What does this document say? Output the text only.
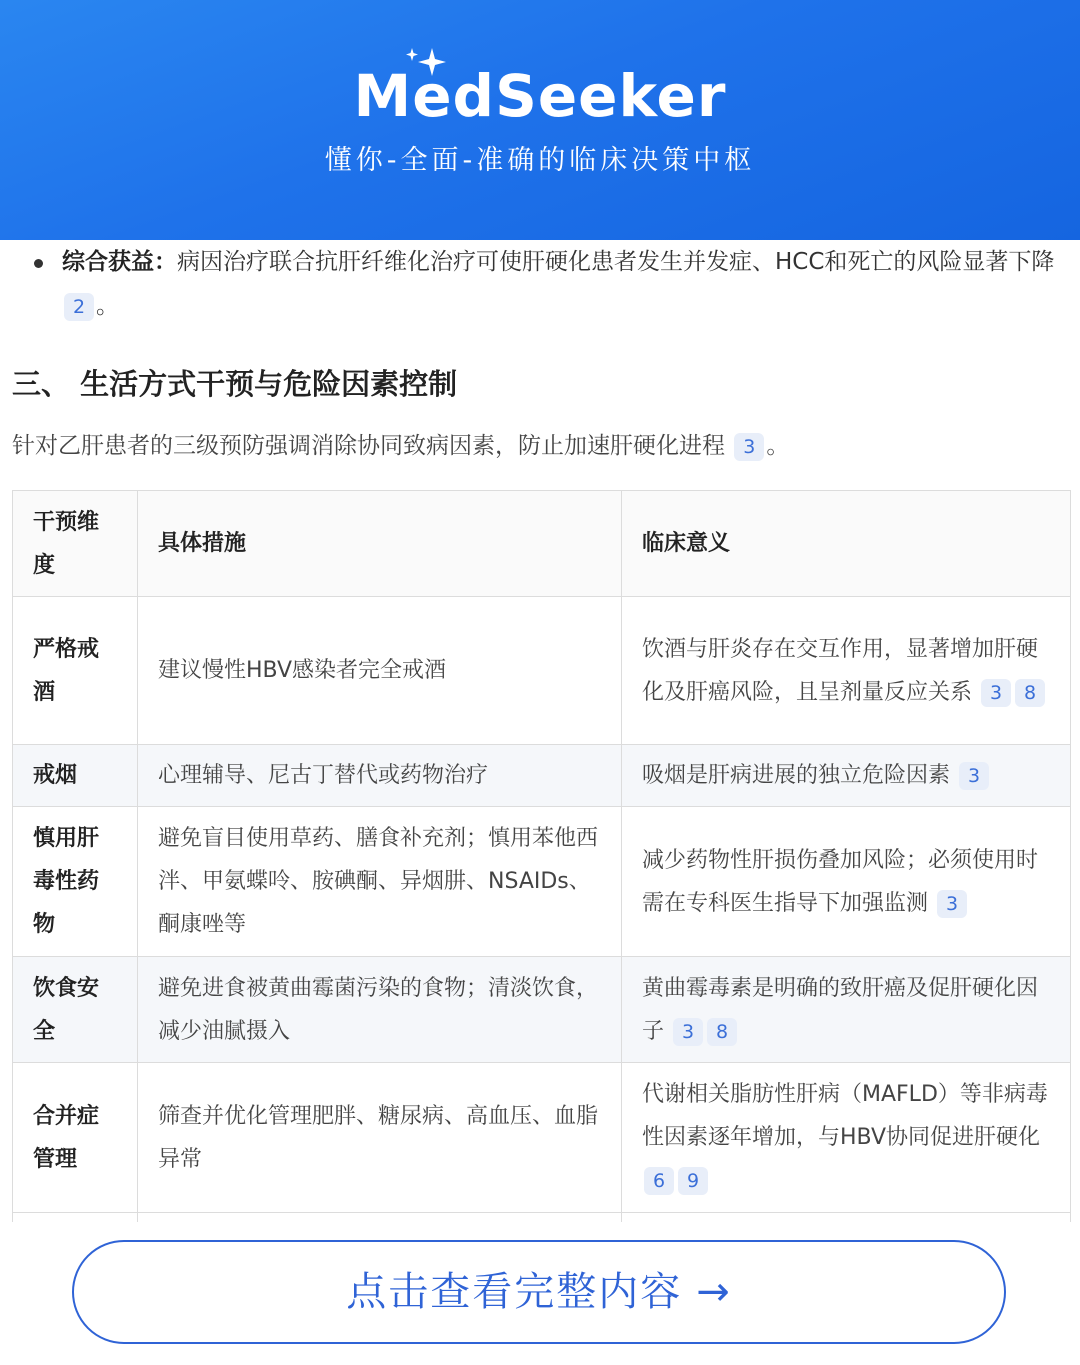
MedSeeker
懂你-全面-准确的临床决策中枢
综合获益：病因治疗联合抗肝纤维化治疗可使肝硬化患者发生并发症、HCC和死亡的风险显著下降 2 。
三、 生活方式干预与危险因素控制
针对乙肝患者的三级预防强调消除协同致病因素，防止加速肝硬化进程 3 。
干预维度	具体措施	临床意义
严格戒酒	建议慢性HBV感染者完全戒酒	饮酒与肝炎存在交互作用，显著增加肝硬化及肝癌风险，且呈剂量反应关系 3 8
戒烟	心理辅导、尼古丁替代或药物治疗	吸烟是肝病进展的独立危险因素 3
慎用肝毒性药物	避免盲目使用草药、膳食补充剂；慎用苯他西泮、甲氨蝶呤、胺碘酮、异烟肼、NSAIDs、酮康唑等	减少药物性肝损伤叠加风险；必须使用时需在专科医生指导下加强监测 3
饮食安全	避免进食被黄曲霉菌污染的食物；清淡饮食，减少油腻摄入	黄曲霉毒素是明确的致肝癌及促肝硬化因子 3 8
合并症管理	筛查并优化管理肥胖、糖尿病、高血压、血脂异常	代谢相关脂肪性肝病（MAFLD）等非病毒性因素逐年增加，与HBV协同促进肝硬化 6 9

点击查看完整内容 →
